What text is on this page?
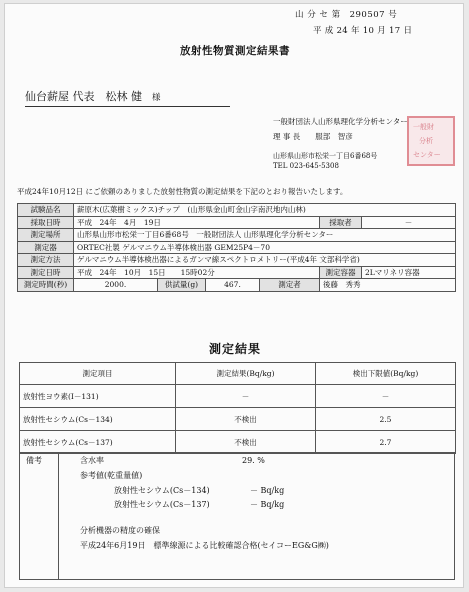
山 分 セ 第　290507 号
平 成 24 年 10 月 17 日
放射性物質測定結果書
仙台薪屋 代表　松林 健 様
一般財団法人山形県理化学分析センター
理 事 長　　服部　智彦
山形県山形市松栄一丁目6番68号
TEL 023-645-5308
一般財
分析
センター
平成24年10月12日 にご依頼のありました放射性物質の測定結果を下記のとおり報告いたします。
試験品名	薪原木(広葉樹ミックス)チップ　(山形県金山町金山字南沢地内山林)					
採取日時	平成　24年　4月　19日				採取者	－
測定場所	山形県山形市松栄一丁目6番68号　一般財団法人 山形県理化学分析センター					
測定器	ORTEC社製 ゲルマニウム半導体検出器 GEM25P4－70					
測定方法	ゲルマニウム半導体検出器によるガンマ線スペクトロメトリー(平成4年 文部科学省)					
測定日時	平成　24年　10月　15日　　15時02分				測定容器	2Lマリネリ容器
測定時間(秒)	2000.	供試量(g)	467.	測定者	後藤　秀秀	
測定結果
測定項目	測定結果(Bq/kg)	検出下限値(Bq/kg)
放射性ヨウ素(I－131)	－	－
放射性セシウム(Cs－134)	不検出	2.5
放射性セシウム(Cs－137)	不検出	2.7
備考	含水率	29. %
参考値(乾重量値)
放射性セシウム(Cs－134)	－ Bq/kg
放射性セシウム(Cs－137)	－ Bq/kg
分析機器の精度の確保
平成24年6月19日　標準線源による比較確認合格(セイコーEG&G㈱)
